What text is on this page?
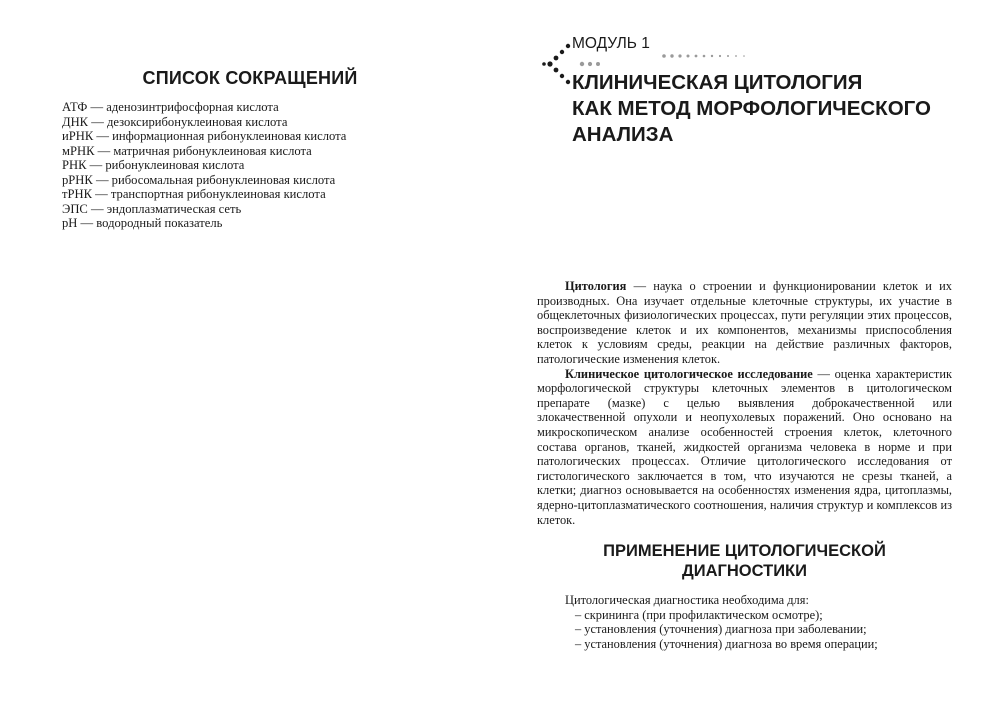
СПИСОК СОКРАЩЕНИЙ
АТФ — аденозинтрифосфорная кислота
ДНК — дезоксирибонуклеиновая кислота
иРНК — информационная рибонуклеиновая кислота
мРНК — матричная рибонуклеиновая кислота
РНК — рибонуклеиновая кислота
рРНК — рибосомальная рибонуклеиновая кислота
тРНК — транспортная рибонуклеиновая кислота
ЭПС — эндоплазматическая сеть
pH — водородный показатель
МОДУЛЬ 1
КЛИНИЧЕСКАЯ ЦИТОЛОГИЯ
КАК МЕТОД МОРФОЛОГИЧЕСКОГО
АНАЛИЗА

Цитология — наука о строении и функционировании клеток и их производных. Она изучает отдельные клеточные структуры, их участие в общеклеточных физиологических процессах, пути регуляции этих процессов, воспроизведение клеток и их компонентов, механизмы приспособления клеток к условиям среды, реакции на действие различных факторов, патологические изменения клеток.

Клиническое цитологическое исследование — оценка характеристик морфологической структуры клеточных элементов в цитологическом препарате (мазке) с целью выявления доброкачественной или злокачественной опухоли и неопухолевых поражений. Оно основано на микроскопическом анализе особенностей строения клеток, клеточного состава органов, тканей, жидкостей организма человека в норме и при патологических процессах. Отличие цитологического исследования от гистологического заключается в том, что изучаются не срезы тканей, а клетки; диагноз основывается на особенностях изменения ядра, цитоплазмы, ядерно-цитоплазматического соотношения, наличия структур и комплексов из клеток.

ПРИМЕНЕНИЕ ЦИТОЛОГИЧЕСКОЙ
ДИАГНОСТИКИ
Цитологическая диагностика необходима для:
– скрининга (при профилактическом осмотре);
– установления (уточнения) диагноза при заболевании;
– установления (уточнения) диагноза во время операции;
